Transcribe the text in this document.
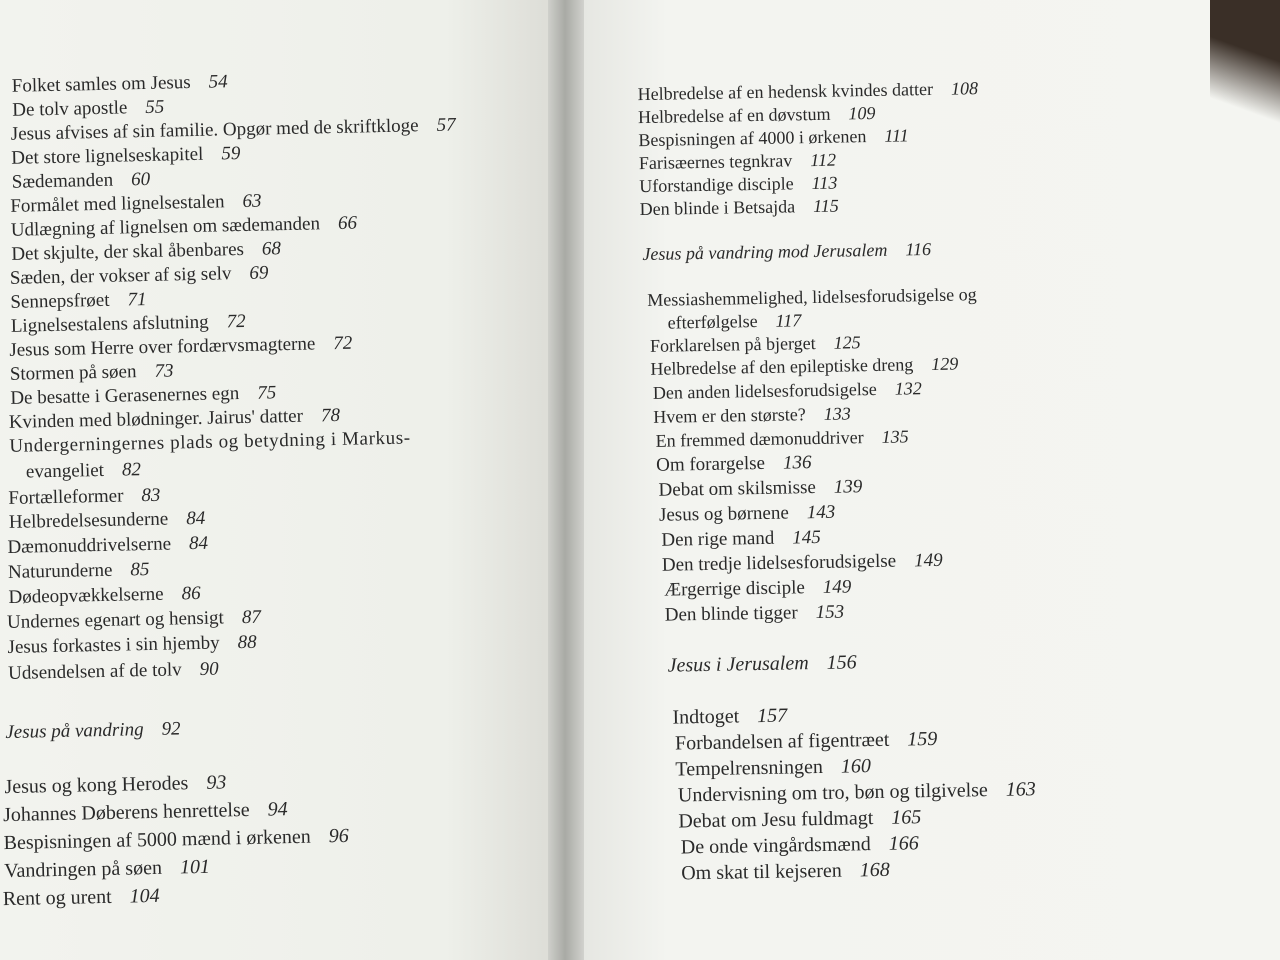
Folket samles om Jesus 54
De tolv apostle 55
Jesus afvises af sin familie. Opgør med de skriftkloge 57
Det store lignelseskapitel 59
Sædemanden 60
Formålet med lignelsestalen 63
Udlægning af lignelsen om sædemanden 66
Det skjulte, der skal åbenbares 68
Sæden, der vokser af sig selv 69
Sennepsfrøet 71
Lignelsestalens afslutning 72
Jesus som Herre over fordærvsmagterne 72
Stormen på søen 73
De besatte i Gerasenernes egn 75
Kvinden med blødninger. Jairus' datter 78
Undergerningernes plads og betydning i Markus-
evangeliet 82
Fortælleformer 83
Helbredelsesunderne 84
Dæmonuddrivelserne 84
Naturunderne 85
Dødeopvækkelserne 86
Undernes egenart og hensigt 87
Jesus forkastes i sin hjemby 88
Udsendelsen af de tolv 90
Jesus på vandring 92
Jesus og kong Herodes 93
Johannes Døberens henrettelse 94
Bespisningen af 5000 mænd i ørkenen 96
Vandringen på søen 101
Rent og urent 104
Helbredelse af en hedensk kvindes datter 108
Helbredelse af en døvstum 109
Bespisningen af 4000 i ørkenen 111
Farisæernes tegnkrav 112
Uforstandige disciple 113
Den blinde i Betsajda 115
Jesus på vandring mod Jerusalem 116
Messiashemmelighed, lidelsesforudsigelse og
efterfølgelse 117
Forklarelsen på bjerget 125
Helbredelse af den epileptiske dreng 129
Den anden lidelsesforudsigelse 132
Hvem er den største? 133
En fremmed dæmonuddriver 135
Om forargelse 136
Debat om skilsmisse 139
Jesus og børnene 143
Den rige mand 145
Den tredje lidelsesforudsigelse 149
Ærgerrige disciple 149
Den blinde tigger 153
Jesus i Jerusalem 156
Indtoget 157
Forbandelsen af figentræet 159
Tempelrensningen 160
Undervisning om tro, bøn og tilgivelse 163
Debat om Jesu fuldmagt 165
De onde vingårdsmænd 166
Om skat til kejseren 168
